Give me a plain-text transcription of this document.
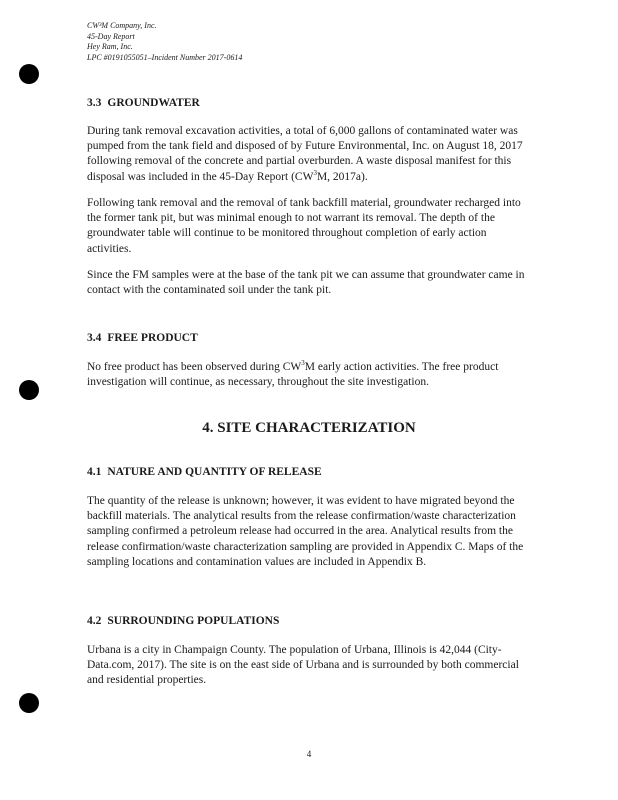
CW³M Company, Inc.
45-Day Report
Hey Ram, Inc.
LPC #0191055051–Incident Number 2017-0614
3.3 GROUNDWATER

During tank removal excavation activities, a total of 6,000 gallons of contaminated water was pumped from the tank field and disposed of by Future Environmental, Inc. on August 18, 2017 following removal of the concrete and partial overburden. A waste disposal manifest for this disposal was included in the 45-Day Report ($CW^3M$, 2017a).

Following tank removal and the removal of tank backfill material, groundwater recharged into the former tank pit, but was minimal enough to not warrant its removal. The depth of the groundwater table will continue to be monitored throughout completion of early action activities.

Since the FM samples were at the base of the tank pit we can assume that groundwater came in contact with the contaminated soil under the tank pit.

3.4 FREE PRODUCT

No free product has been observed during $CW^3M$ early action activities. The free product investigation will continue, as necessary, throughout the site investigation.

4. SITE CHARACTERIZATION
4.1 NATURE AND QUANTITY OF RELEASE

The quantity of the release is unknown; however, it was evident to have migrated beyond the backfill materials. The analytical results from the release confirmation/waste characterization sampling confirmed a petroleum release had occurred in the area. Analytical results from the release confirmation/waste characterization sampling are provided in Appendix C. Maps of the sampling locations and contamination values are included in Appendix B.

4.2 SURROUNDING POPULATIONS

Urbana is a city in Champaign County. The population of Urbana, Illinois is 42,044 (City-Data.com, 2017). The site is on the east side of Urbana and is surrounded by both commercial and residential properties.

4
